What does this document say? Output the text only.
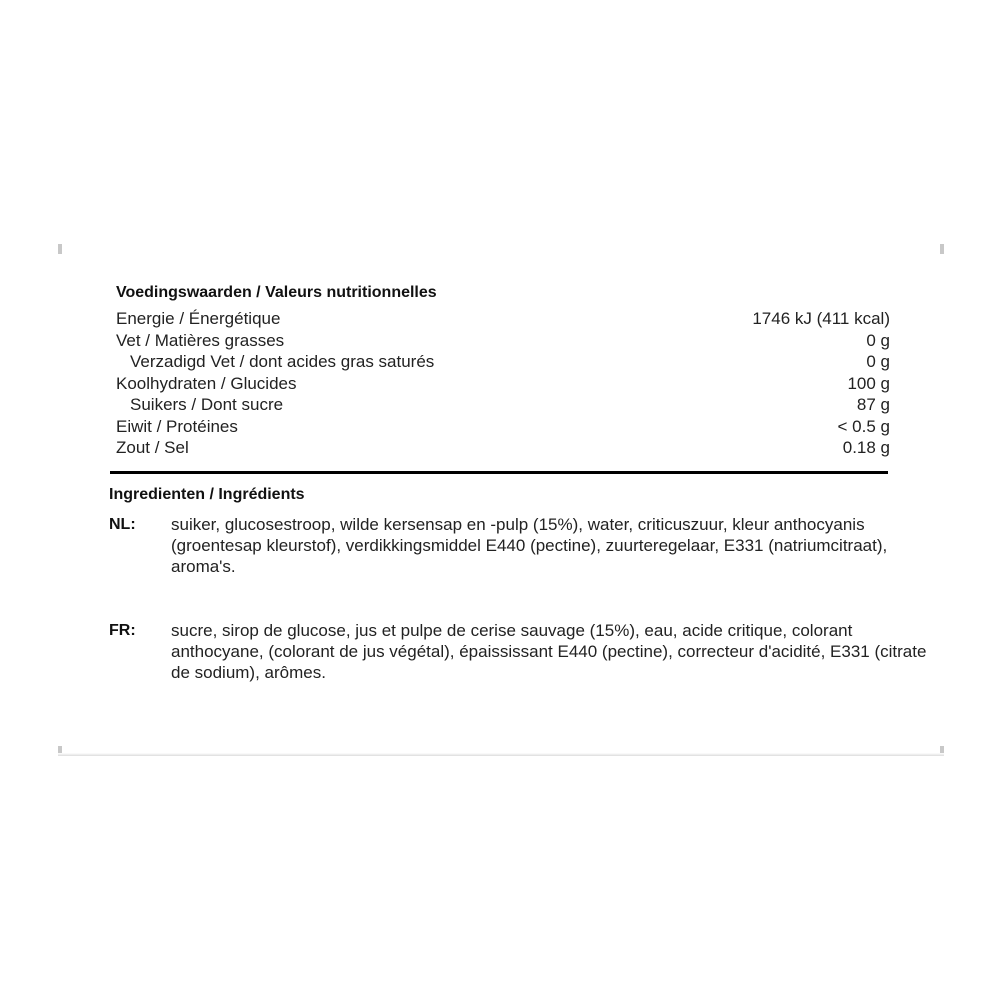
Voedingswaarden / Valeurs nutritionnelles
Energie / Énergétique	1746 kJ (411 kcal)
Vet / Matières grasses	0 g
Verzadigd Vet / dont acides gras saturés	0 g
Koolhydraten / Glucides	100 g
Suikers / Dont sucre	87 g
Eiwit / Protéines	< 0.5 g
Zout / Sel	0.18 g
Ingredienten / Ingrédients
NL:	suiker, glucosestroop, wilde kersensap en -pulp (15%), water, criticuszuur, kleur anthocyanis (groentesap kleurstof), verdikkingsmiddel E440 (pectine), zuurteregelaar, E331 (natriumcitraat), aroma's.
FR:	sucre, sirop de glucose, jus et pulpe de cerise sauvage (15%), eau, acide critique, colorant anthocyane, (colorant de jus végétal), épaississant E440 (pectine), correcteur d'acidité, E331 (citrate de sodium), arômes.
